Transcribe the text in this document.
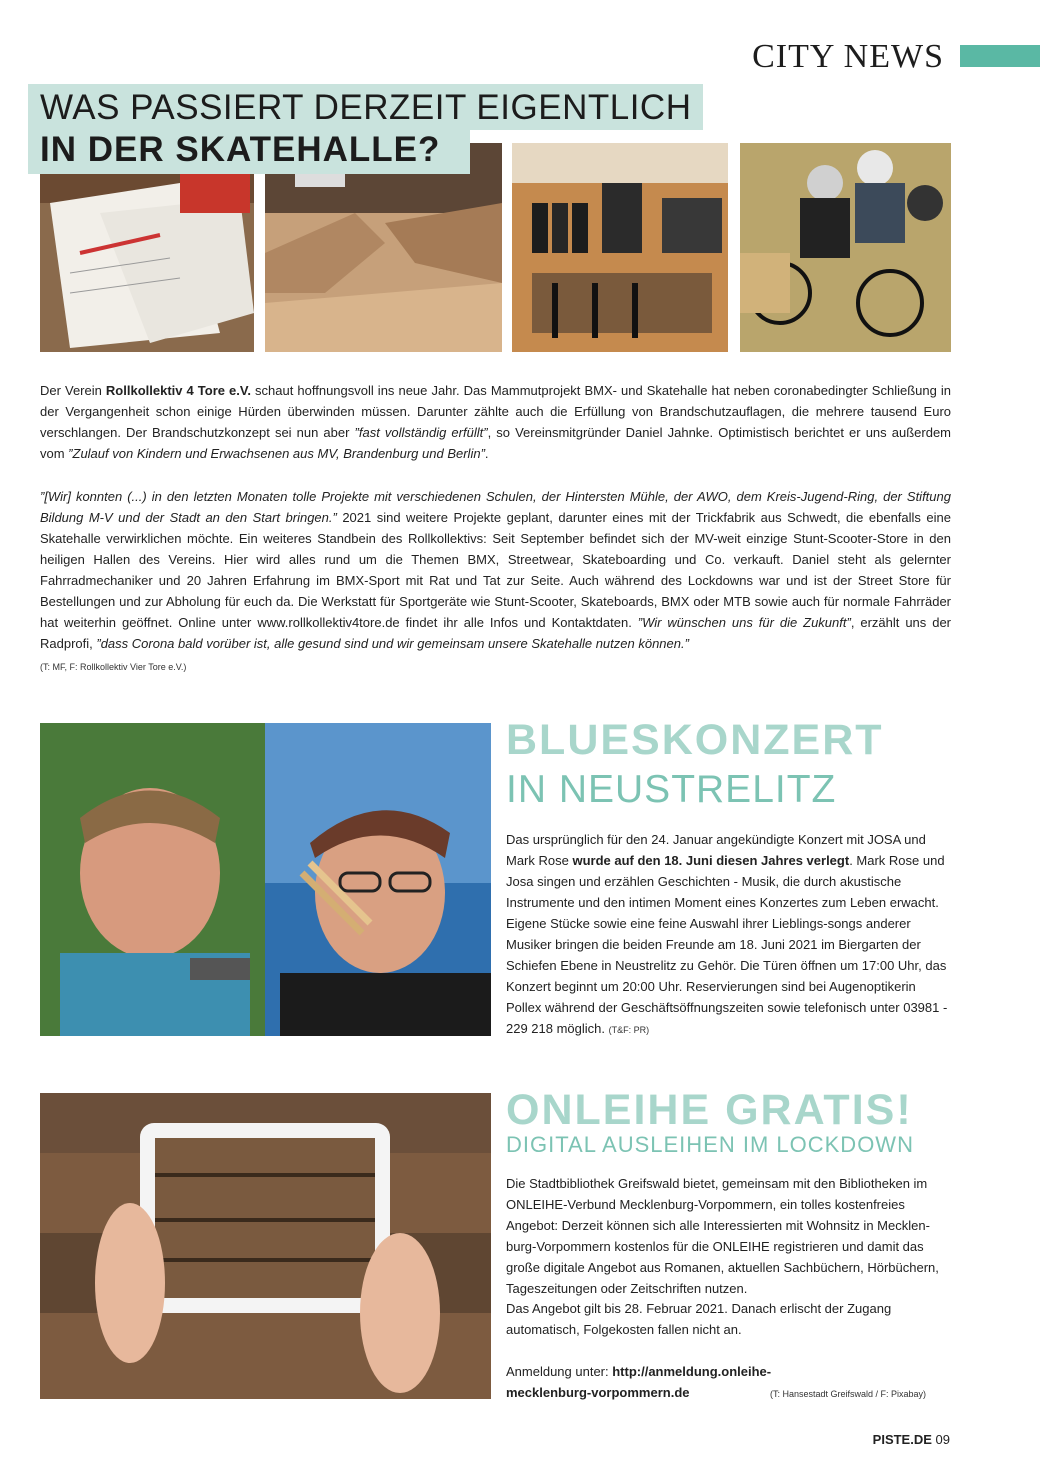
CITY NEWS
WAS PASSIERT DERZEIT EIGENTLICH
IN DER SKATEHALLE?
Der Verein Rollkollektiv 4 Tore e.V. schaut hoffnungsvoll ins neue Jahr. Das Mammutprojekt BMX- und Skatehalle hat neben coronabedingter Schließung in der Vergangenheit schon einige Hürden überwinden müssen. Darunter zählte auch die Erfüllung von Brandschutzauflagen, die mehrere tausend Euro verschlangen. Der Brandschutzkonzept sei nun aber ”fast vollständig erfüllt”, so Vereinsmitgründer Daniel Jahnke. Optimistisch berichtet er uns außerdem vom ”Zulauf von Kindern und Erwachsenen aus MV, Brandenburg und Berlin”.
”[Wir] konnten (...) in den letzten Monaten tolle Projekte mit verschiedenen Schulen, der Hintersten Mühle, der AWO, dem Kreis-Jugend-Ring, der Stiftung Bildung M-V und der Stadt an den Start bringen.” 2021 sind weitere Projekte geplant, darunter eines mit der Trickfabrik aus Schwedt, die ebenfalls eine Skatehalle verwirklichen möchte. Ein weiteres Standbein des Rollkollektivs: Seit September befindet sich der MV-weit einzige Stunt-Scooter-Store in den heiligen Hallen des Vereins. Hier wird alles rund um die Themen BMX, Streetwear, Skateboarding und Co. verkauft. Daniel steht als gelernter Fahrradmechaniker und 20 Jahren Erfahrung im BMX-Sport mit Rat und Tat zur Seite. Auch während des Lockdowns war und ist der Street Store für Bestellungen und zur Abholung für euch da. Die Werkstatt für Sportgeräte wie Stunt-Scooter, Skateboards, BMX oder MTB sowie auch für normale Fahrräder hat weiterhin geöffnet. Online unter www.rollkollektiv4tore.de findet ihr alle Infos und Kontaktdaten. ”Wir wünschen uns für die Zukunft”, erzählt uns der Radprofi, ”dass Corona bald vorüber ist, alle gesund sind und wir gemeinsam unsere Skatehalle nutzen können.”
(T: MF, F: Rollkollektiv Vier Tore e.V.)
BLUESKONZERT
IN NEUSTRELITZ
Das ursprünglich für den 24. Januar angekündigte Konzert mit JOSA und Mark Rose wurde auf den 18. Juni diesen Jahres verlegt. Mark Rose und Josa singen und erzählen Geschichten - Musik, die durch akustische Instrumente und den intimen Moment eines Konzertes zum Leben erwacht. Eigene Stücke sowie eine feine Auswahl ihrer Lieblings-songs anderer Musiker bringen die beiden Freunde am 18. Juni 2021 im Biergarten der Schiefen Ebene in Neustrelitz zu Gehör. Die Türen öffnen um 17:00 Uhr, das Konzert beginnt um 20:00 Uhr. Reservierungen sind bei Augenoptikerin Pollex während der Geschäftsöffnungszeiten sowie telefonisch unter 03981 - 229 218 möglich. (T&F: PR)
ONLEIHE GRATIS!
DIGITAL AUSLEIHEN IM LOCKDOWN
Die Stadtbibliothek Greifswald bietet, gemeinsam mit den Bibliotheken im ONLEIHE-Verbund Mecklenburg-Vorpommern, ein tolles kostenfreies Angebot: Derzeit können sich alle Interessierten mit Wohnsitz in Mecklen-burg-Vorpommern kostenlos für die ONLEIHE registrieren und damit das große digitale Angebot aus Romanen, aktuellen Sachbüchern, Hörbüchern, Tageszeitungen oder Zeitschriften nutzen.
Das Angebot gilt bis 28. Februar 2021. Danach erlischt der Zugang automatisch, Folgekosten fallen nicht an.
Anmeldung unter: http://anmeldung.onleihe-
mecklenburg-vorpommern.de	(T: Hansestadt Greifswald / F: Pixabay)
PISTE.DE 09
